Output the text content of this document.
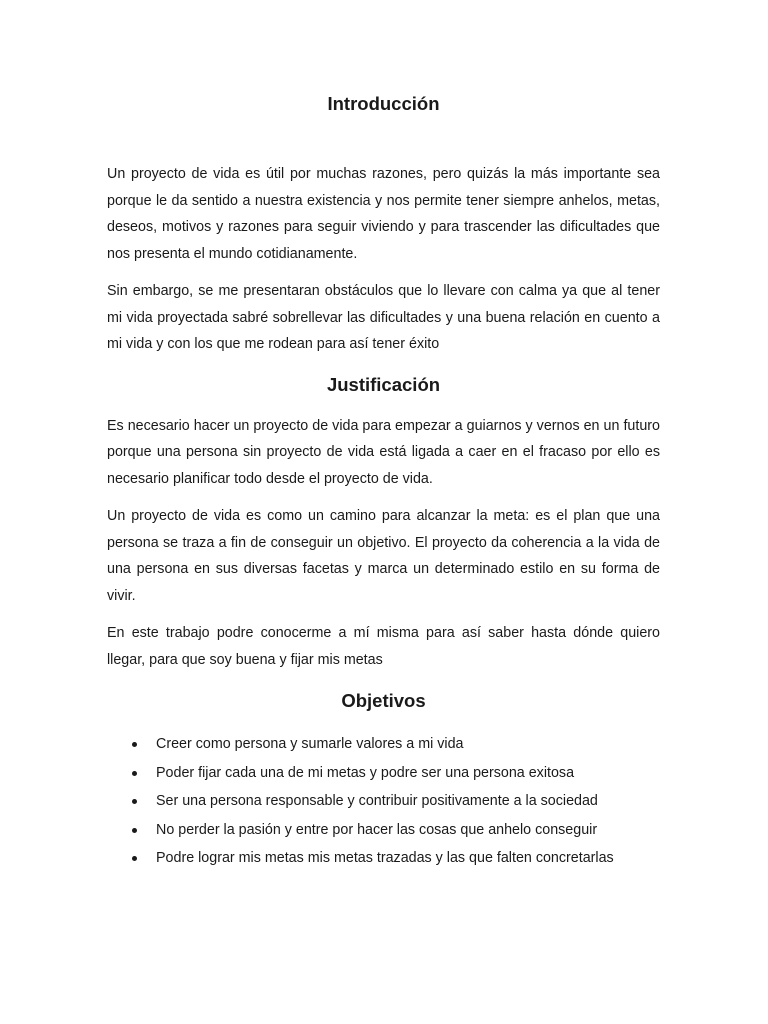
Introducción

Un proyecto de vida es útil por muchas razones, pero quizás la más importante sea porque le da sentido a nuestra existencia y nos permite tener siempre anhelos, metas, deseos, motivos y razones para seguir viviendo y para trascender las dificultades que nos presenta el mundo cotidianamente.

Sin embargo, se me presentaran obstáculos que lo llevare con calma ya que al tener mi vida proyectada sabré sobrellevar las dificultades y una buena relación en cuento a mi vida y con los que me rodean para así tener éxito

Justificación

Es necesario hacer un proyecto de vida para empezar a guiarnos y vernos en un futuro porque una persona sin proyecto de vida está ligada a caer en el fracaso por ello es necesario planificar todo desde el proyecto de vida.

Un proyecto de vida es como un camino para alcanzar la meta: es el plan que una persona se traza a fin de conseguir un objetivo. El proyecto da coherencia a la vida de una persona en sus diversas facetas y marca un determinado estilo en su forma de vivir.

En este trabajo podre conocerme a mí misma para así saber hasta dónde quiero llegar, para que soy buena y fijar mis metas

Objetivos
Creer como persona y sumarle valores a mi vida
Poder fijar cada una de mi metas y podre ser una persona exitosa
Ser una persona responsable y contribuir positivamente a la sociedad
No perder la pasión y entre por hacer las cosas que anhelo conseguir
Podre lograr mis metas mis metas trazadas y las que falten concretarlas
